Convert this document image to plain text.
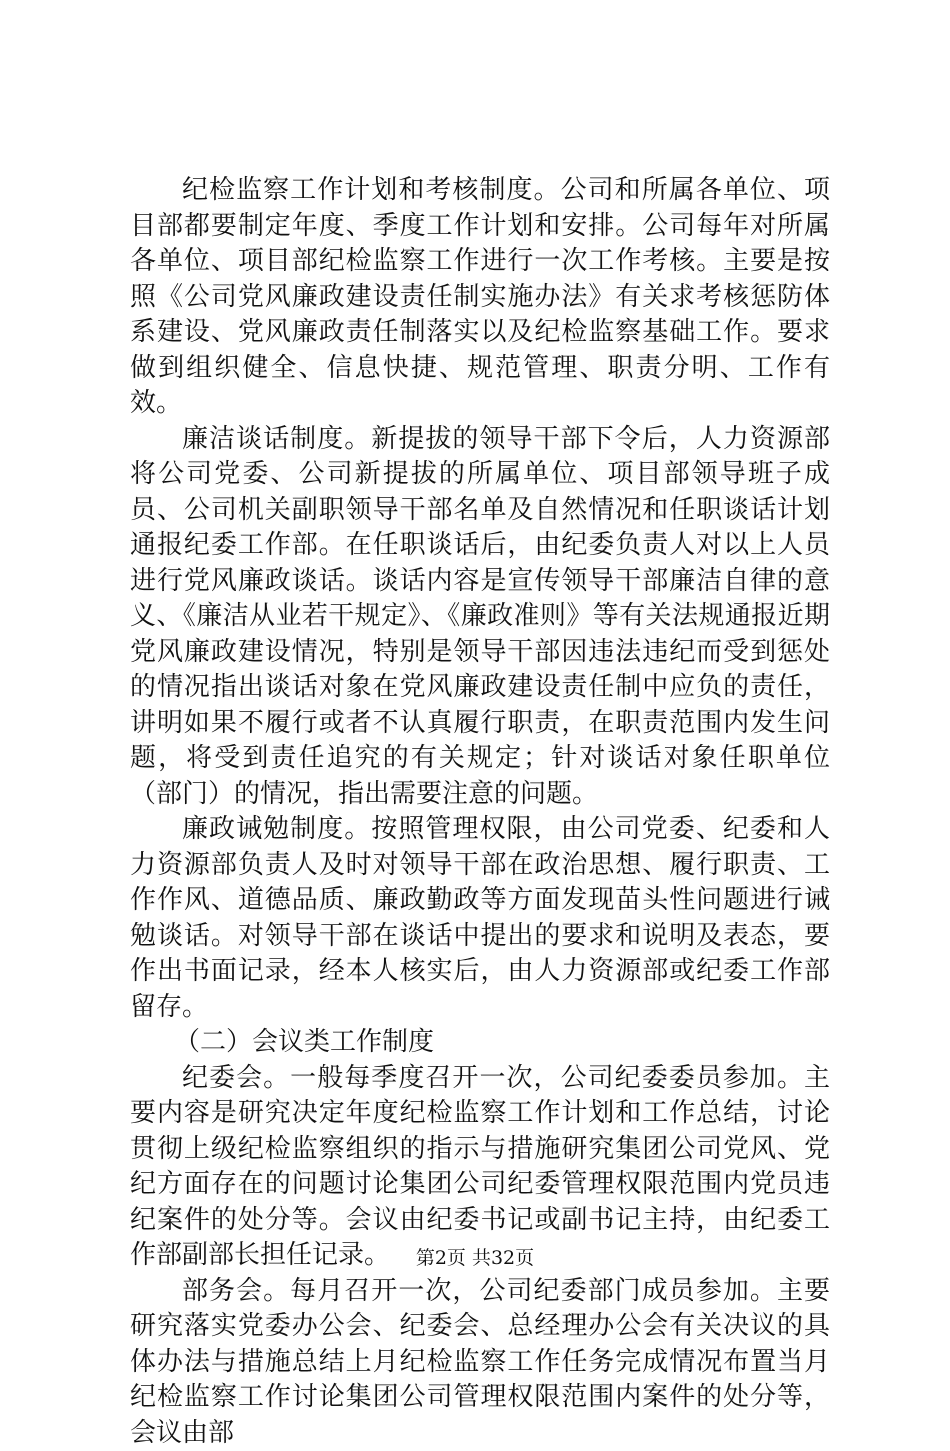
纪检监察工作计划和考核制度。公司和所属各单位、项目部都要制定年度、季度工作计划和安排。公司每年对所属各单位、项目部纪检监察工作进行一次工作考核。主要是按照《公司党风廉政建设责任制实施办法》有关求考核惩防体系建设、党风廉政责任制落实以及纪检监察基础工作。要求做到组织健全、信息快捷、规范管理、职责分明、工作有效。

廉洁谈话制度。新提拔的领导干部下令后，人力资源部将公司党委、公司新提拔的所属单位、项目部领导班子成员、公司机关副职领导干部名单及自然情况和任职谈话计划通报纪委工作部。在任职谈话后，由纪委负责人对以上人员进行党风廉政谈话。谈话内容是宣传领导干部廉洁自律的意义、《廉洁从业若干规定》、《廉政准则》等有关法规通报近期党风廉政建设情况，特别是领导干部因违法违纪而受到惩处的情况指出谈话对象在党风廉政建设责任制中应负的责任，讲明如果不履行或者不认真履行职责，在职责范围内发生问题，将受到责任追究的有关规定；针对谈话对象任职单位（部门）的情况，指出需要注意的问题。

廉政诫勉制度。按照管理权限，由公司党委、纪委和人力资源部负责人及时对领导干部在政治思想、履行职责、工作作风、道德品质、廉政勤政等方面发现苗头性问题进行诫勉谈话。对领导干部在谈话中提出的要求和说明及表态，要作出书面记录，经本人核实后，由人力资源部或纪委工作部留存。

（二）会议类工作制度

纪委会。一般每季度召开一次，公司纪委委员参加。主要内容是研究决定年度纪检监察工作计划和工作总结，讨论贯彻上级纪检监察组织的指示与措施研究集团公司党风、党纪方面存在的问题讨论集团公司纪委管理权限范围内党员违纪案件的处分等。会议由纪委书记或副书记主持，由纪委工作部副部长担任记录。

部务会。每月召开一次，公司纪委部门成员参加。主要研究落实党委办公会、纪委会、总经理办公会有关决议的具体办法与措施总结上月纪检监察工作任务完成情况布置当月纪检监察工作讨论集团公司管理权限范围内案件的处分等，会议由部

第2页 共32页
